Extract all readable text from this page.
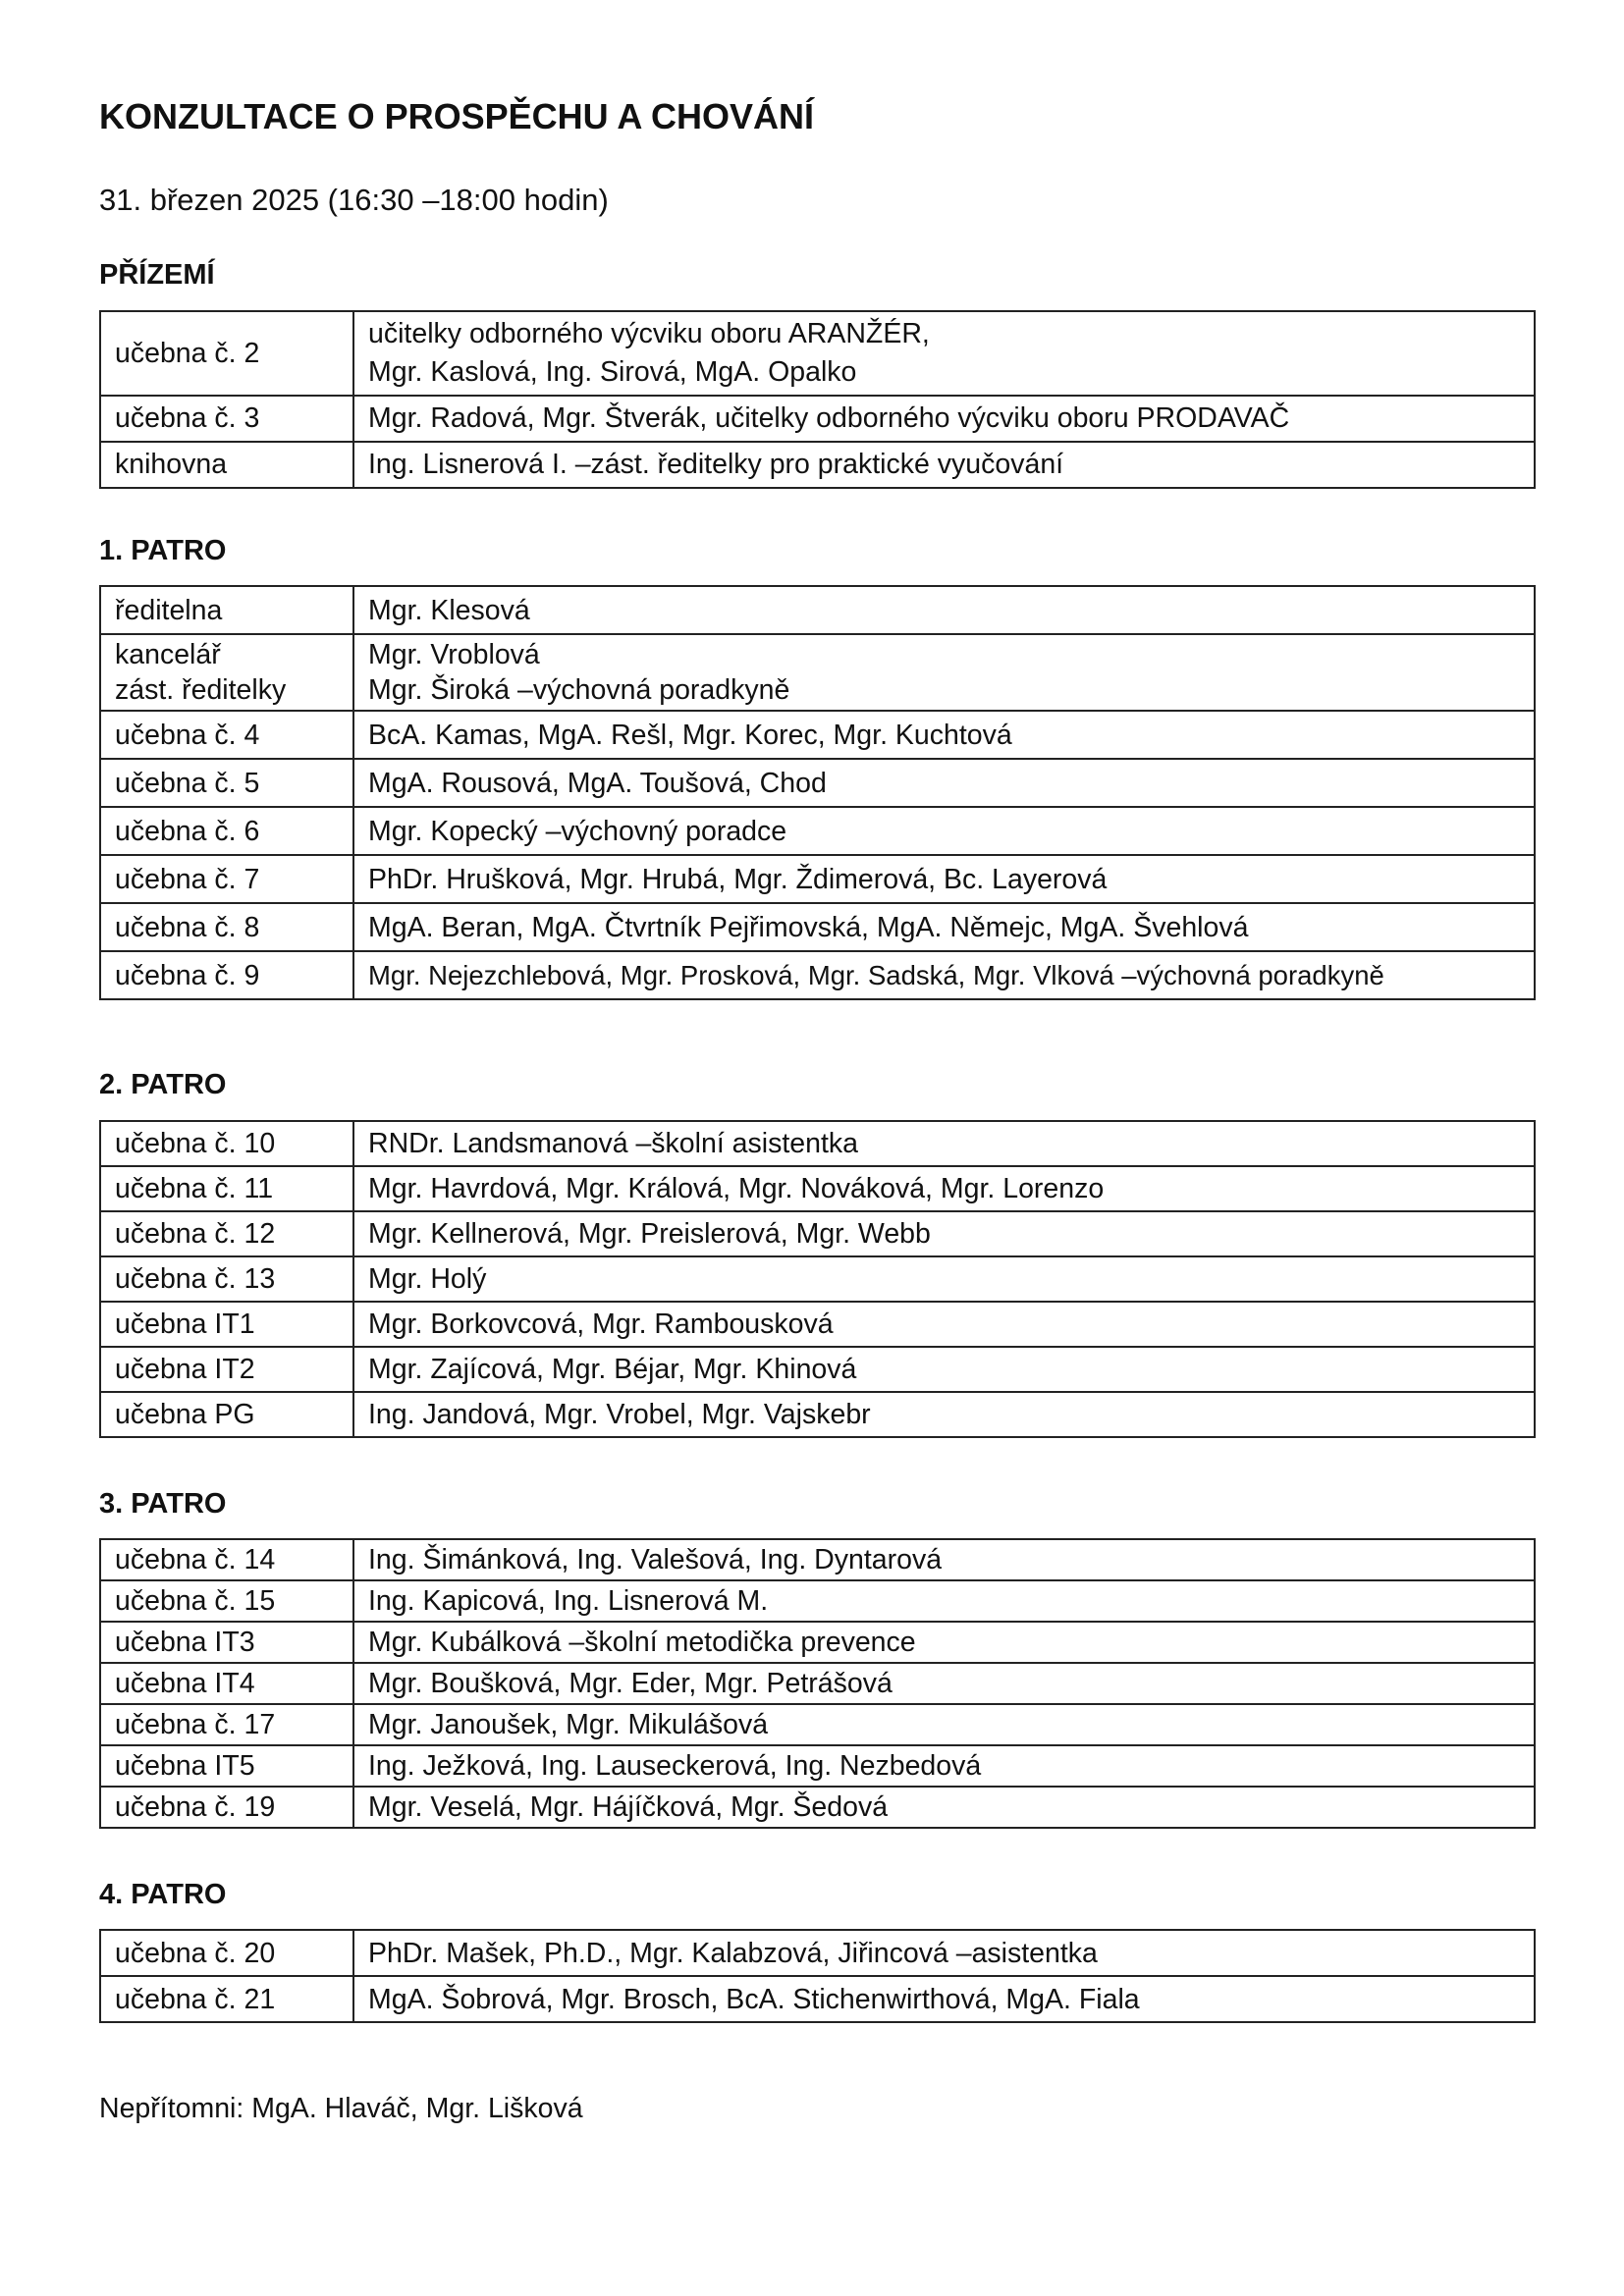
KONZULTACE O PROSPĚCHU A CHOVÁNÍ
31. březen 2025 (16:30 –18:00 hodin)
PŘÍZEMÍ
učebna č. 2	učitelky odborného výcviku oboru ARANŽÉR,
Mgr. Kaslová, Ing. Sirová, MgA. Opalko

učebna č. 3	Mgr. Radová, Mgr. Štverák, učitelky odborného výcviku oboru PRODAVAČ
knihovna	Ing. Lisnerová I. –zást. ředitelky pro praktické vyučování
1. PATRO
ředitelna	Mgr. Klesová

kancelář
zást. ředitelky	Mgr. Vroblová
Mgr. Široká –výchovná poradkyně

učebna č. 4	BcA. Kamas, MgA. Rešl, Mgr. Korec, Mgr. Kuchtová
učebna č. 5	MgA. Rousová, MgA. Toušová, Chod
učebna č. 6	Mgr. Kopecký –výchovný poradce
učebna č. 7	PhDr. Hrušková, Mgr. Hrubá, Mgr. Ždimerová, Bc. Layerová
učebna č. 8	MgA. Beran, MgA. Čtvrtník Pejřimovská, MgA. Němejc, MgA. Švehlová
učebna č. 9	Mgr. Nejezchlebová, Mgr. Prosková, Mgr. Sadská, Mgr. Vlková –výchovná poradkyně
2. PATRO
učebna č. 10	RNDr. Landsmanová –školní asistentka
učebna č. 11	Mgr. Havrdová, Mgr. Králová, Mgr. Nováková, Mgr. Lorenzo
učebna č. 12	Mgr. Kellnerová, Mgr. Preislerová, Mgr. Webb
učebna č. 13	Mgr. Holý
učebna IT1	Mgr. Borkovcová, Mgr. Rambousková
učebna IT2	Mgr. Zajícová, Mgr. Béjar, Mgr. Khinová
učebna PG	Ing. Jandová, Mgr. Vrobel, Mgr. Vajskebr
3. PATRO
učebna č. 14	Ing. Šimánková, Ing. Valešová, Ing. Dyntarová
učebna č. 15	Ing. Kapicová, Ing. Lisnerová M.
učebna IT3	Mgr. Kubálková –školní metodička prevence
učebna IT4	Mgr. Boušková, Mgr. Eder, Mgr. Petrášová
učebna č. 17	Mgr. Janoušek, Mgr. Mikulášová
učebna IT5	Ing. Ježková, Ing. Lauseckerová, Ing. Nezbedová
učebna č. 19	Mgr. Veselá, Mgr. Hájíčková, Mgr. Šedová
4. PATRO
učebna č. 20	PhDr. Mašek, Ph.D., Mgr. Kalabzová, Jiřincová –asistentka
učebna č. 21	MgA. Šobrová, Mgr. Brosch, BcA. Stichenwirthová, MgA. Fiala
Nepřítomni: MgA. Hlaváč, Mgr. Lišková
